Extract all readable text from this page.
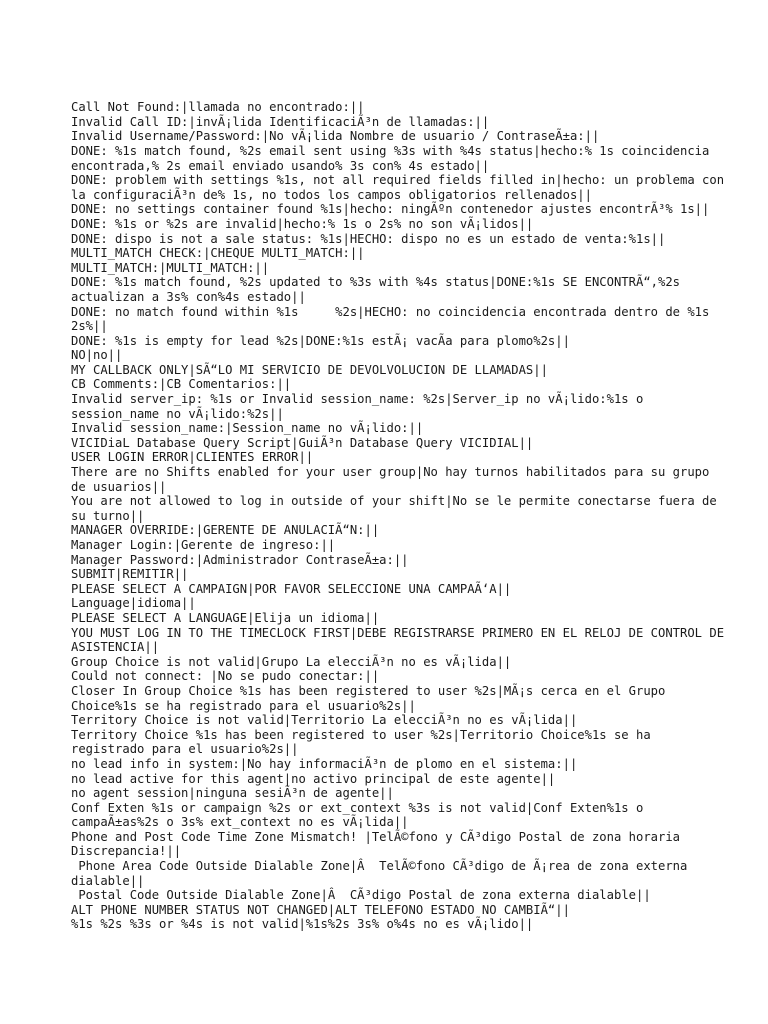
Call Not Found:|llamada no encontrado:||
Invalid Call ID:|invÃ¡lida IdentificaciÃ³n de llamadas:||
Invalid Username/Password:|No vÃ¡lida Nombre de usuario / ContraseÃ±a:||
DONE: %1s match found, %2s email sent using %3s with %4s status|hecho:% 1s coincidencia encontrada,% 2s email enviado usando% 3s con% 4s estado||
DONE: problem with settings %1s, not all required fields filled in|hecho: un problema con la configuraciÃ³n de% 1s, no todos los campos obligatorios rellenados||
DONE: no settings container found %1s|hecho: ningÃºn contenedor ajustes encontrÃ³% 1s||
DONE: %1s or %2s are invalid|hecho:% 1s o 2s% no son vÃ¡lidos||
DONE: dispo is not a sale status: %1s|HECHO: dispo no es un estado de venta:%1s||
MULTI_MATCH CHECK:|CHEQUE MULTI_MATCH:||
MULTI_MATCH:|MULTI_MATCH:||
DONE: %1s match found, %2s updated to %3s with %4s status|DONE:%1s SE ENCONTRÃ“,%2s actualizan a 3s% con%4s estado||
DONE: no match found within %1s     %2s|HECHO: no coincidencia encontrada dentro de %1s 2s%||
DONE: %1s is empty for lead %2s|DONE:%1s estÃ¡ vacÃa para plomo%2s||
NO|no||
MY CALLBACK ONLY|SÃ“LO MI SERVICIO DE DEVOLVOLUCION DE LLAMADAS||
CB Comments:|CB Comentarios:||
Invalid server_ip: %1s or Invalid session_name: %2s|Server_ip no vÃ¡lido:%1s o session_name no vÃ¡lido:%2s||
Invalid session_name:|Session_name no vÃ¡lido:||
VICIDiaL Database Query Script|GuiÃ³n Database Query VICIDIAL||
USER LOGIN ERROR|CLIENTES ERROR||
There are no Shifts enabled for your user group|No hay turnos habilitados para su grupo de usuarios||
You are not allowed to log in outside of your shift|No se le permite conectarse fuera de su turno||
MANAGER OVERRIDE:|GERENTE DE ANULACIÃ“N:||
Manager Login:|Gerente de ingreso:||
Manager Password:|Administrador ContraseÃ±a:||
SUBMIT|REMITIR||
PLEASE SELECT A CAMPAIGN|POR FAVOR SELECCIONE UNA CAMPAÃ‘A||
Language|idioma||
PLEASE SELECT A LANGUAGE|Elija un idioma||
YOU MUST LOG IN TO THE TIMECLOCK FIRST|DEBE REGISTRARSE PRIMERO EN EL RELOJ DE CONTROL DE ASISTENCIA||
Group Choice is not valid|Grupo La elecciÃ³n no es vÃ¡lida||
Could not connect: |No se pudo conectar:||
Closer In Group Choice %1s has been registered to user %2s|MÃ¡s cerca en el Grupo Choice%1s se ha registrado para el usuario%2s||
Territory Choice is not valid|Territorio La elecciÃ³n no es vÃ¡lida||
Territory Choice %1s has been registered to user %2s|Territorio Choice%1s se ha registrado para el usuario%2s||
no lead info in system:|No hay informaciÃ³n de plomo en el sistema:||
no lead active for this agent|no activo principal de este agente||
no agent session|ninguna sesiÃ³n de agente||
Conf Exten %1s or campaign %2s or ext_context %3s is not valid|Conf Exten%1s o campaÃ±as%2s o 3s% ext_context no es vÃ¡lida||
Phone and Post Code Time Zone Mismatch! |TelÃ©fono y CÃ³digo Postal de zona horaria Discrepancia!||
Phone Area Code Outside Dialable Zone|Â  TelÃ©fono CÃ³digo de Ã¡rea de zona externa dialable||
Postal Code Outside Dialable Zone|Â  CÃ³digo Postal de zona externa dialable||
ALT PHONE NUMBER STATUS NOT CHANGED|ALT TELEFONO ESTADO NO CAMBIÃ“||
%1s %2s %3s or %4s is not valid|%1s%2s 3s% o%4s no es vÃ¡lido||
